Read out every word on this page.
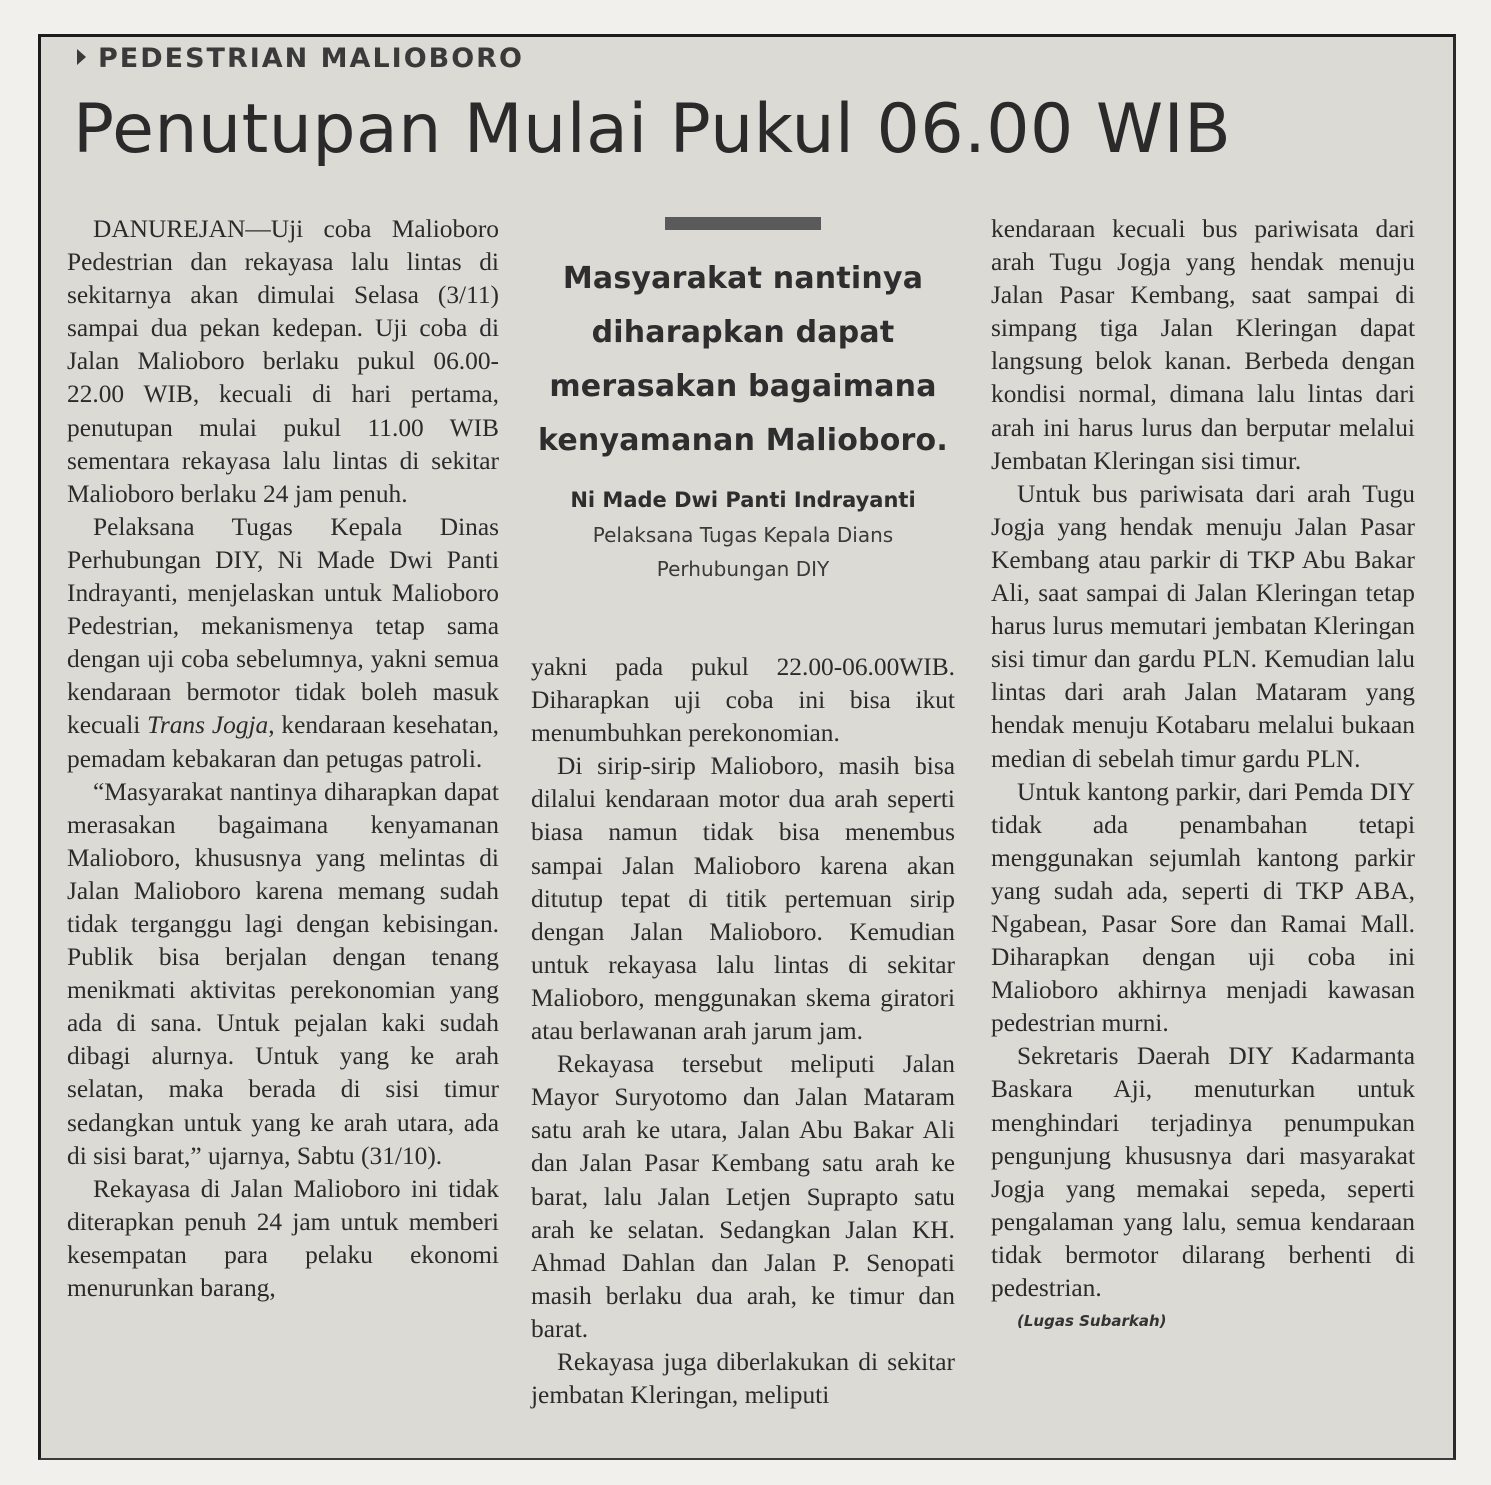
PEDESTRIAN MALIOBORO
Penutupan Mulai Pukul 06.00 WIB

DANUREJAN—Uji coba Malioboro Pedestrian dan rekayasa lalu lintas di sekitarnya akan dimulai Selasa (3/11) sampai dua pekan kedepan. Uji coba di Jalan Malioboro berlaku pukul 06.00-22.00 WIB, kecuali di hari pertama, penutupan mulai pukul 11.00 WIB sementara rekayasa lalu lintas di sekitar Malioboro berlaku 24 jam penuh.

Pelaksana Tugas Kepala Dinas Perhubungan DIY, Ni Made Dwi Panti Indrayanti, menjelaskan untuk Malioboro Pedestrian, mekanismenya tetap sama dengan uji coba sebelumnya, yakni semua kendaraan bermotor tidak boleh masuk kecuali Trans Jogja, kendaraan kesehatan, pemadam kebakaran dan petugas patroli.

“Masyarakat nantinya diharapkan dapat merasakan bagaimana kenyamanan Malioboro, khususnya yang melintas di Jalan Malioboro karena memang sudah tidak terganggu lagi dengan kebisingan. Publik bisa berjalan dengan tenang menikmati aktivitas perekonomian yang ada di sana. Untuk pejalan kaki sudah dibagi alurnya. Untuk yang ke arah selatan, maka berada di sisi timur sedangkan untuk yang ke arah utara, ada di sisi barat,” ujarnya, Sabtu (31/10).

Rekayasa di Jalan Malioboro ini tidak diterapkan penuh 24 jam untuk memberi kesempatan para pelaku ekonomi menurunkan barang,

Masyarakat nantinya diharapkan dapat merasakan bagaimana kenyamanan Malioboro.

Ni Made Dwi Panti Indrayanti
Pelaksana Tugas Kepala Dians Perhubungan DIY

yakni pada pukul 22.00-06.00WIB. Diharapkan uji coba ini bisa ikut menumbuhkan perekonomian.

Di sirip-sirip Malioboro, masih bisa dilalui kendaraan motor dua arah seperti biasa namun tidak bisa menembus sampai Jalan Malioboro karena akan ditutup tepat di titik pertemuan sirip dengan Jalan Malioboro. Kemudian untuk rekayasa lalu lintas di sekitar Malioboro, menggunakan skema giratori atau berlawanan arah jarum jam.

Rekayasa tersebut meliputi Jalan Mayor Suryotomo dan Jalan Mataram satu arah ke utara, Jalan Abu Bakar Ali dan Jalan Pasar Kembang satu arah ke barat, lalu Jalan Letjen Suprapto satu arah ke selatan. Sedangkan Jalan KH. Ahmad Dahlan dan Jalan P. Senopati masih berlaku dua arah, ke timur dan barat.

Rekayasa juga diberlakukan di sekitar jembatan Kleringan, meliputi

kendaraan kecuali bus pariwisata dari arah Tugu Jogja yang hendak menuju Jalan Pasar Kembang, saat sampai di simpang tiga Jalan Kleringan dapat langsung belok kanan. Berbeda dengan kondisi normal, dimana lalu lintas dari arah ini harus lurus dan berputar melalui Jembatan Kleringan sisi timur.

Untuk bus pariwisata dari arah Tugu Jogja yang hendak menuju Jalan Pasar Kembang atau parkir di TKP Abu Bakar Ali, saat sampai di Jalan Kleringan tetap harus lurus memutari jembatan Kleringan sisi timur dan gardu PLN. Kemudian lalu lintas dari arah Jalan Mataram yang hendak menuju Kotabaru melalui bukaan median di sebelah timur gardu PLN.

Untuk kantong parkir, dari Pemda DIY tidak ada penambahan tetapi menggunakan sejumlah kantong parkir yang sudah ada, seperti di TKP ABA, Ngabean, Pasar Sore dan Ramai Mall. Diharapkan dengan uji coba ini Malioboro akhirnya menjadi kawasan pedestrian murni.

Sekretaris Daerah DIY Kadarmanta Baskara Aji, menuturkan untuk menghindari terjadinya penumpukan pengunjung khususnya dari masyarakat Jogja yang memakai sepeda, seperti pengalaman yang lalu, semua kendaraan tidak bermotor dilarang berhenti di pedestrian.

(Lugas Subarkah)
